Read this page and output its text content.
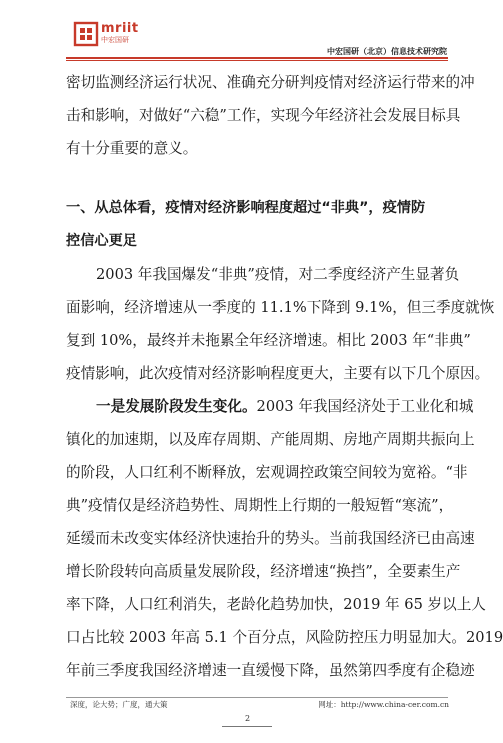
mriit
中宏国研
中宏国研（北京）信息技术研究院
密切监测经济运行状况、准确充分研判疫情对经济运行带来的冲
击和影响，对做好“六稳”工作，实现今年经济社会发展目标具
有十分重要的意义。
一、从总体看，疫情对经济影响程度超过“非典”，疫情防
控信心更足
2003 年我国爆发“非典”疫情，对二季度经济产生显著负
面影响，经济增速从一季度的 11.1%下降到 9.1%，但三季度就恢
复到 10%，最终并未拖累全年经济增速。相比 2003 年“非典”
疫情影响，此次疫情对经济影响程度更大，主要有以下几个原因。
一是发展阶段发生变化。2003 年我国经济处于工业化和城
镇化的加速期，以及库存周期、产能周期、房地产周期共振向上
的阶段，人口红利不断释放，宏观调控政策空间较为宽裕。“非
典”疫情仅是经济趋势性、周期性上行期的一般短暂“寒流”，
延缓而未改变实体经济快速抬升的势头。当前我国经济已由高速
增长阶段转向高质量发展阶段，经济增速“换挡”，全要素生产
率下降，人口红利消失，老龄化趋势加快，2019 年 65 岁以上人
口占比较 2003 年高 5.1 个百分点，风险防控压力明显加大。2019
年前三季度我国经济增速一直缓慢下降，虽然第四季度有企稳迹
深度，论大势；广度，通大策	网址：http://www.china-cer.com.cn
2
